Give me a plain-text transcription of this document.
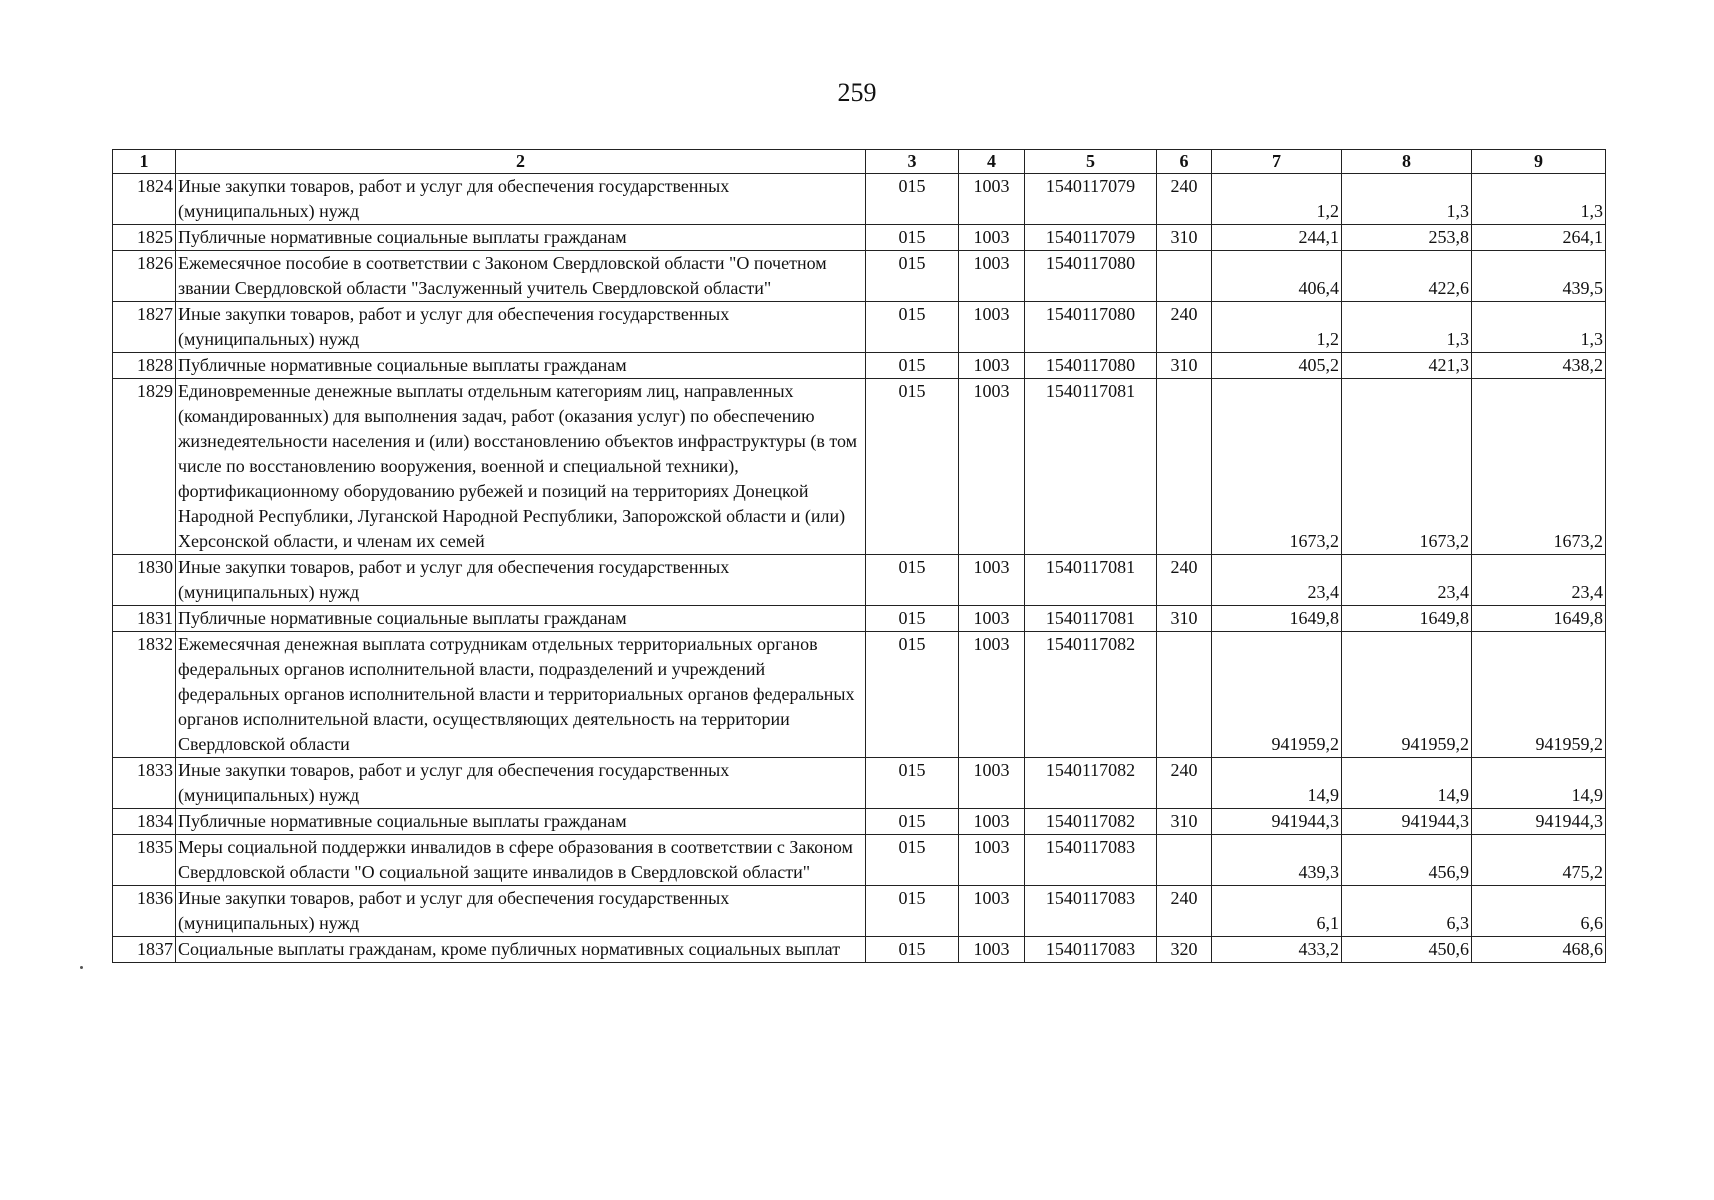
259
1	2	3	4	5	6	7	8	9
1824	Иные закупки товаров, работ и услуг для обеспечения государственных (муниципальных) нужд	015	1003	1540117079	240	1,2	1,3	1,3
1825	Публичные нормативные социальные выплаты гражданам	015	1003	1540117079	310	244,1	253,8	264,1
1826	Ежемесячное пособие в соответствии с Законом Свердловской области "О почетном звании Свердловской области "Заслуженный учитель Свердловской области"	015	1003	1540117080		406,4	422,6	439,5
1827	Иные закупки товаров, работ и услуг для обеспечения государственных (муниципальных) нужд	015	1003	1540117080	240	1,2	1,3	1,3
1828	Публичные нормативные социальные выплаты гражданам	015	1003	1540117080	310	405,2	421,3	438,2
1829	Единовременные денежные выплаты отдельным категориям лиц, направленных (командированных) для выполнения задач, работ (оказания услуг) по обеспечению жизнедеятельности населения и (или) восстановлению объектов инфраструктуры (в том числе по восстановлению вооружения, военной и специальной техники), фортификационному оборудованию рубежей и позиций на территориях Донецкой Народной Республики, Луганской Народной Республики, Запорожской области и (или) Херсонской области, и членам их семей	015	1003	1540117081		1673,2	1673,2	1673,2
1830	Иные закупки товаров, работ и услуг для обеспечения государственных (муниципальных) нужд	015	1003	1540117081	240	23,4	23,4	23,4
1831	Публичные нормативные социальные выплаты гражданам	015	1003	1540117081	310	1649,8	1649,8	1649,8
1832	Ежемесячная денежная выплата сотрудникам отдельных территориальных органов федеральных органов исполнительной власти, подразделений и учреждений федеральных органов исполнительной власти и территориальных органов федеральных органов исполнительной власти, осуществляющих деятельность на территории Свердловской области	015	1003	1540117082		941959,2	941959,2	941959,2
1833	Иные закупки товаров, работ и услуг для обеспечения государственных (муниципальных) нужд	015	1003	1540117082	240	14,9	14,9	14,9
1834	Публичные нормативные социальные выплаты гражданам	015	1003	1540117082	310	941944,3	941944,3	941944,3
1835	Меры социальной поддержки инвалидов в сфере образования в соответствии с Законом Свердловской области "О социальной защите инвалидов в Свердловской области"	015	1003	1540117083		439,3	456,9	475,2
1836	Иные закупки товаров, работ и услуг для обеспечения государственных (муниципальных) нужд	015	1003	1540117083	240	6,1	6,3	6,6
1837	Социальные выплаты гражданам, кроме публичных нормативных социальных выплат	015	1003	1540117083	320	433,2	450,6	468,6
